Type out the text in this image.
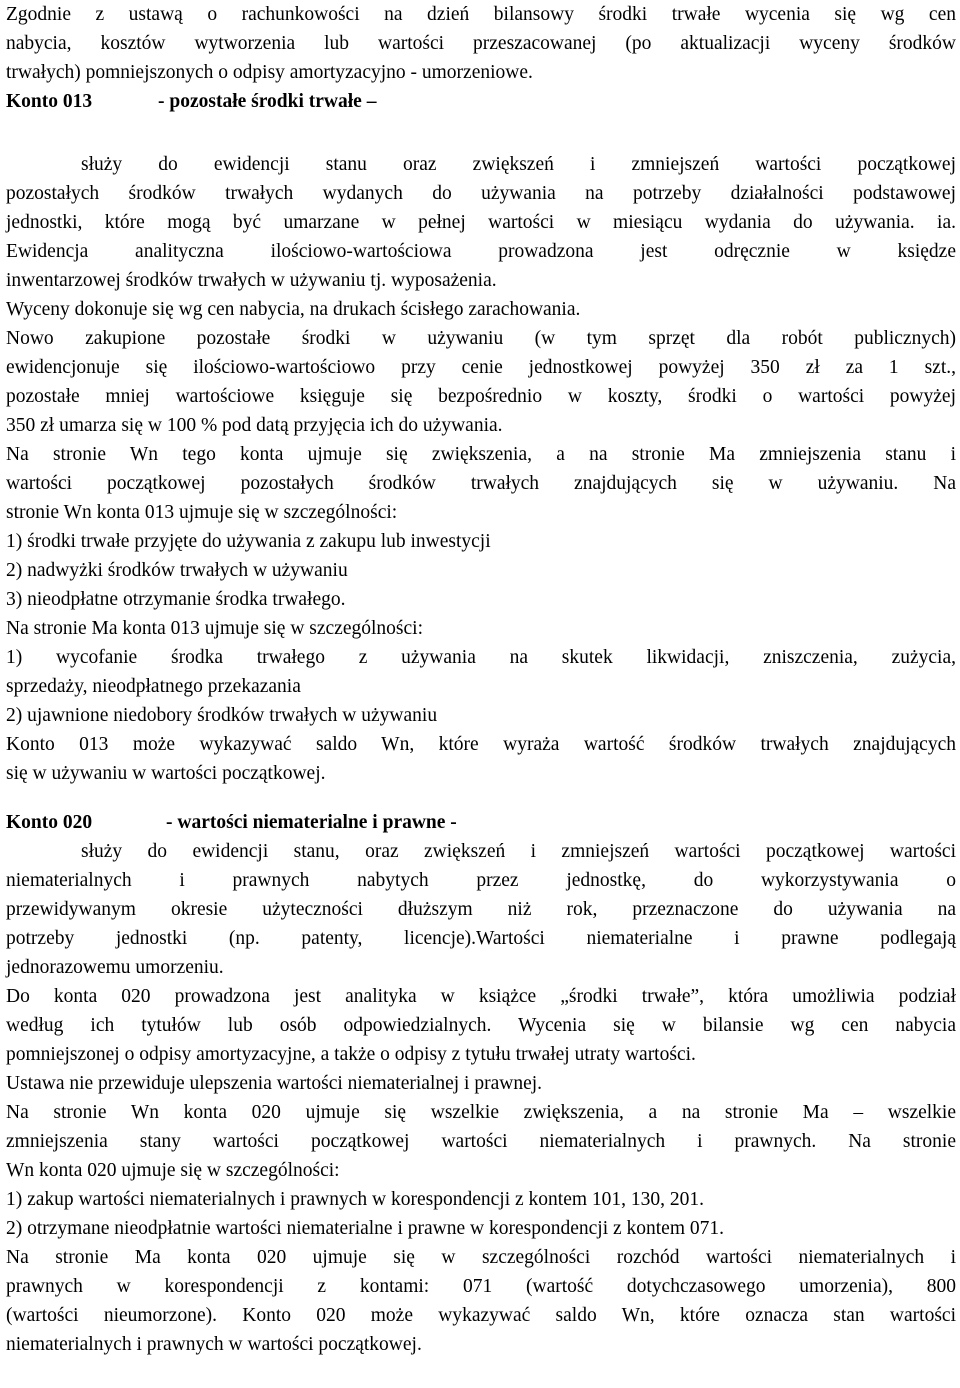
Zgodnie z ustawą o rachunkowości na dzień bilansowy środki trwałe wycenia się wg cen
nabycia, kosztów wytworzenia lub wartości przeszacowanej (po aktualizacji wyceny środków
trwałych) pomniejszonych o odpisy amortyzacyjno - umorzeniowe.
Konto 013	- pozostałe środki trwałe –
służy do ewidencji stanu oraz zwiększeń i zmniejszeń wartości początkowej
pozostałych środków trwałych wydanych do używania na potrzeby działalności podstawowej
jednostki, które mogą być umarzane w pełnej wartości w miesiącu wydania do używania. ia.
Ewidencja analityczna ilościowo-wartościowa prowadzona jest odręcznie w księdze
inwentarzowej środków trwałych w używaniu tj. wyposażenia.
Wyceny dokonuje się wg cen nabycia, na drukach ścisłego zarachowania.
Nowo zakupione pozostałe środki w używaniu (w tym sprzęt dla robót publicznych)
ewidencjonuje się ilościowo-wartościowo przy cenie jednostkowej powyżej 350 zł za 1 szt.,
pozostałe mniej wartościowe księguje się bezpośrednio w koszty, środki o wartości powyżej
350 zł umarza się w 100 % pod datą przyjęcia ich do używania.
Na stronie Wn tego konta ujmuje się zwiększenia, a na stronie Ma zmniejszenia stanu i
wartości początkowej pozostałych środków trwałych znajdujących się w używaniu. Na
stronie Wn konta 013 ujmuje się w szczególności:
1) środki trwałe przyjęte do używania z zakupu lub inwestycji
2) nadwyżki środków trwałych w używaniu
3) nieodpłatne otrzymanie środka trwałego.
Na stronie Ma konta 013 ujmuje się w szczególności:
1) wycofanie środka trwałego z używania na skutek likwidacji, zniszczenia, zużycia,
sprzedaży, nieodpłatnego przekazania
2) ujawnione niedobory środków trwałych w używaniu
Konto 013 może wykazywać saldo Wn, które wyraża wartość środków trwałych znajdujących
się w używaniu w wartości początkowej.
Konto 020	- wartości niematerialne i prawne -
służy do ewidencji stanu, oraz zwiększeń i zmniejszeń wartości początkowej wartości
niematerialnych i prawnych nabytych przez jednostkę, do wykorzystywania o
przewidywanym okresie użyteczności dłuższym niż rok, przeznaczone do używania na
potrzeby jednostki (np. patenty, licencje).Wartości niematerialne i prawne podlegają
jednorazowemu umorzeniu.
Do konta 020 prowadzona jest analityka w książce „środki trwałe”, która umożliwia podział
według ich tytułów lub osób odpowiedzialnych. Wycenia się w bilansie wg cen nabycia
pomniejszonej o odpisy amortyzacyjne, a także o odpisy z tytułu trwałej utraty wartości.
Ustawa nie przewiduje ulepszenia wartości niematerialnej i prawnej.
Na stronie Wn konta 020 ujmuje się wszelkie zwiększenia, a na stronie Ma – wszelkie
zmniejszenia stany wartości początkowej wartości niematerialnych i prawnych. Na stronie
Wn konta 020 ujmuje się w szczególności:
1) zakup wartości niematerialnych i prawnych w korespondencji z kontem 101, 130, 201.
2) otrzymane nieodpłatnie wartości niematerialne i prawne w korespondencji z kontem 071.
Na stronie Ma konta 020 ujmuje się w szczególności rozchód wartości niematerialnych i
prawnych w korespondencji z kontami: 071 (wartość dotychczasowego umorzenia), 800
(wartości nieumorzone). Konto 020 może wykazywać saldo Wn, które oznacza stan wartości
niematerialnych i prawnych w wartości początkowej.
